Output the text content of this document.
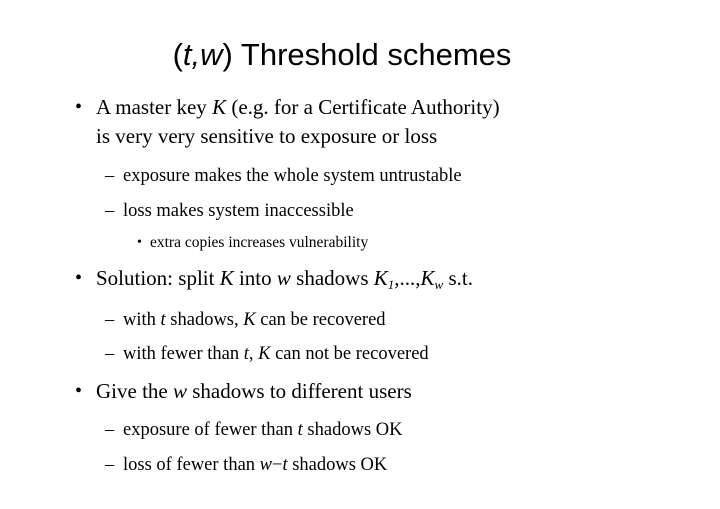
(t,w) Threshold schemes
• A master key K (e.g. for a Certificate Authority)
is very very sensitive to exposure or loss
– exposure makes the whole system untrustable
– loss makes system inaccessible
• extra copies increases vulnerability
• Solution: split K into w shadows $K_1,...,K_w$ s.t.
– with t shadows, K can be recovered
– with fewer than t, K can not be recovered
• Give the w shadows to different users
– exposure of fewer than t shadows OK
– loss of fewer than w−t shadows OK
